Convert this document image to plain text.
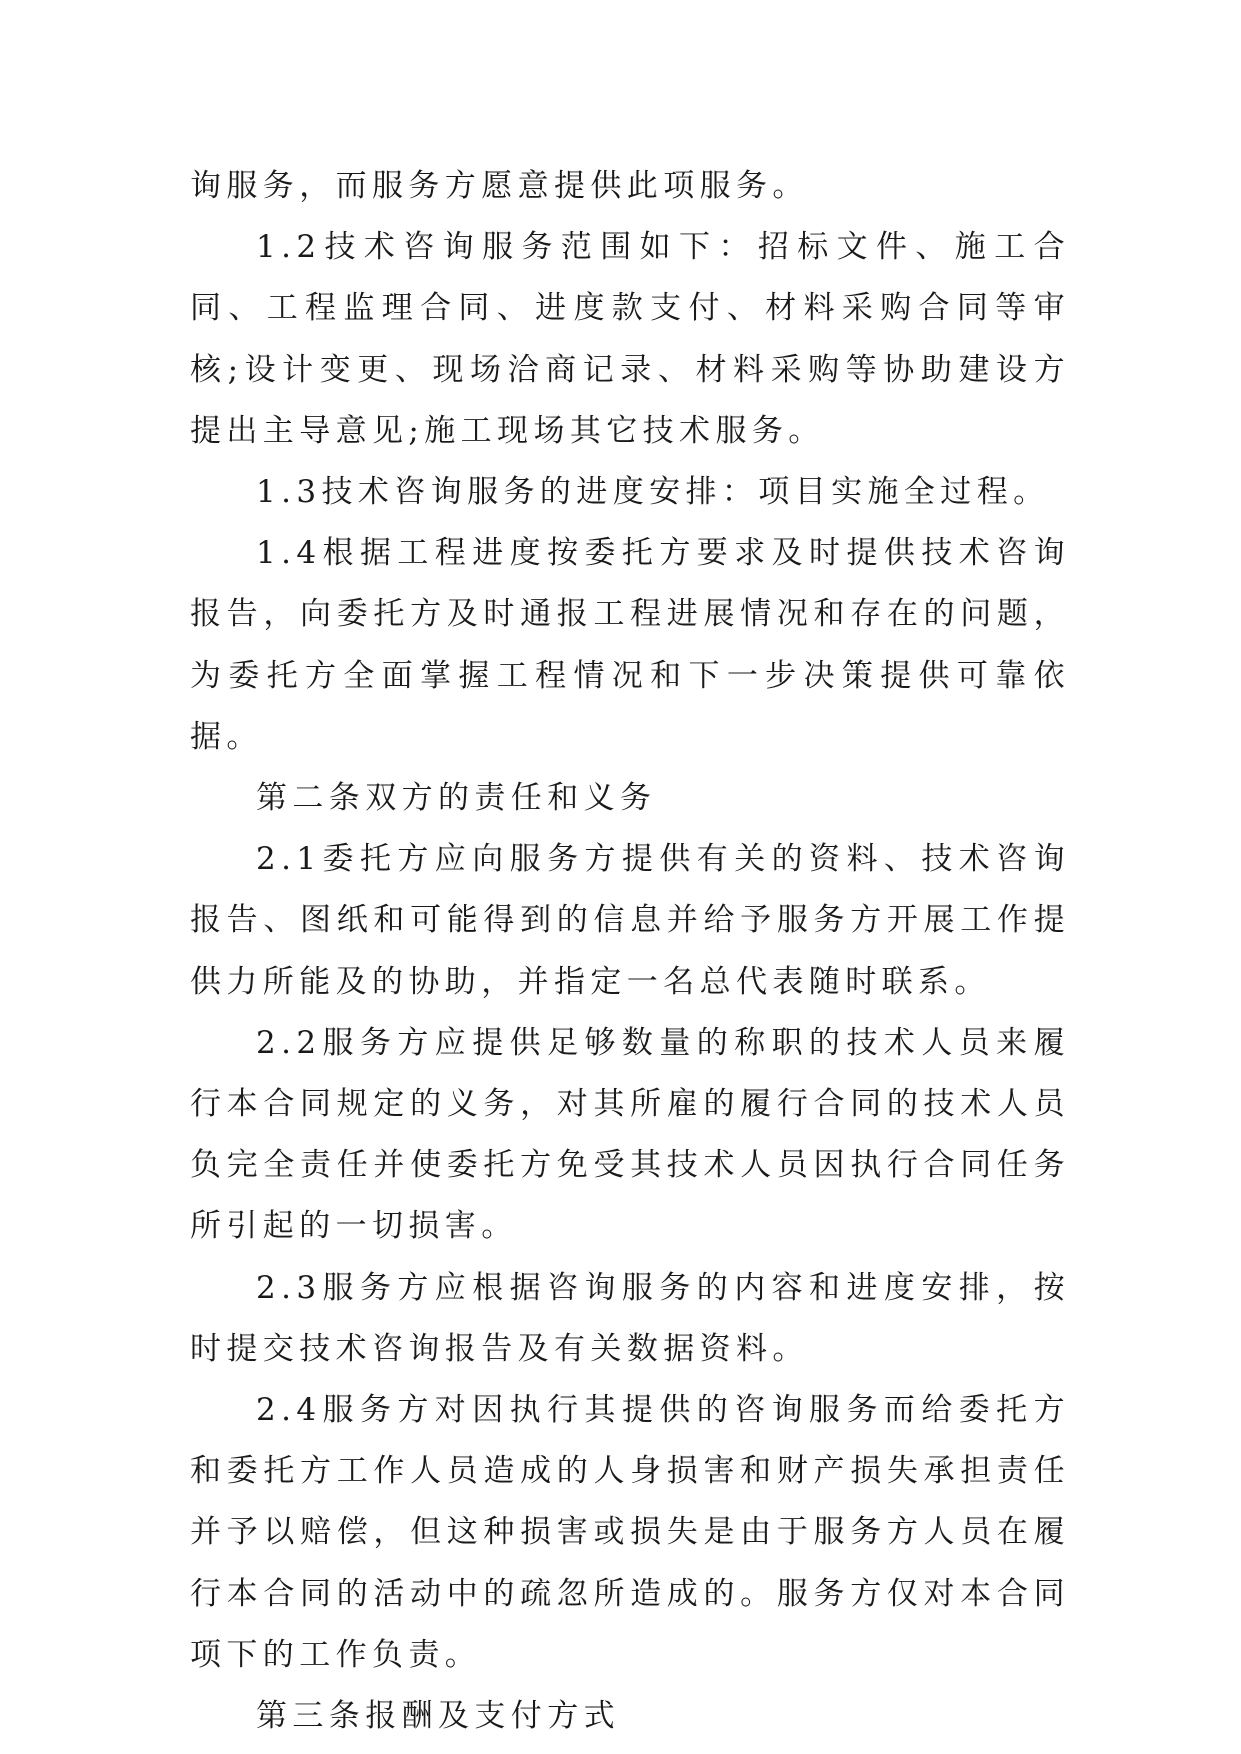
询服务，而服务方愿意提供此项服务。

1.2技术咨询服务范围如下：招标文件、施工合同、工程监理合同、进度款支付、材料采购合同等审核;设计变更、现场洽商记录、材料采购等协助建设方提出主导意见;施工现场其它技术服务。

1.3技术咨询服务的进度安排：项目实施全过程。

1.4根据工程进度按委托方要求及时提供技术咨询报告，向委托方及时通报工程进展情况和存在的问题，为委托方全面掌握工程情况和下一步决策提供可靠依据。

第二条双方的责任和义务

2.1委托方应向服务方提供有关的资料、技术咨询报告、图纸和可能得到的信息并给予服务方开展工作提供力所能及的协助，并指定一名总代表随时联系。

2.2服务方应提供足够数量的称职的技术人员来履行本合同规定的义务，对其所雇的履行合同的技术人员负完全责任并使委托方免受其技术人员因执行合同任务所引起的一切损害。

2.3服务方应根据咨询服务的内容和进度安排，按时提交技术咨询报告及有关数据资料。

2.4服务方对因执行其提供的咨询服务而给委托方和委托方工作人员造成的人身损害和财产损失承担责任并予以赔偿，但这种损害或损失是由于服务方人员在履行本合同的活动中的疏忽所造成的。服务方仅对本合同项下的工作负责。

第三条报酬及支付方式
